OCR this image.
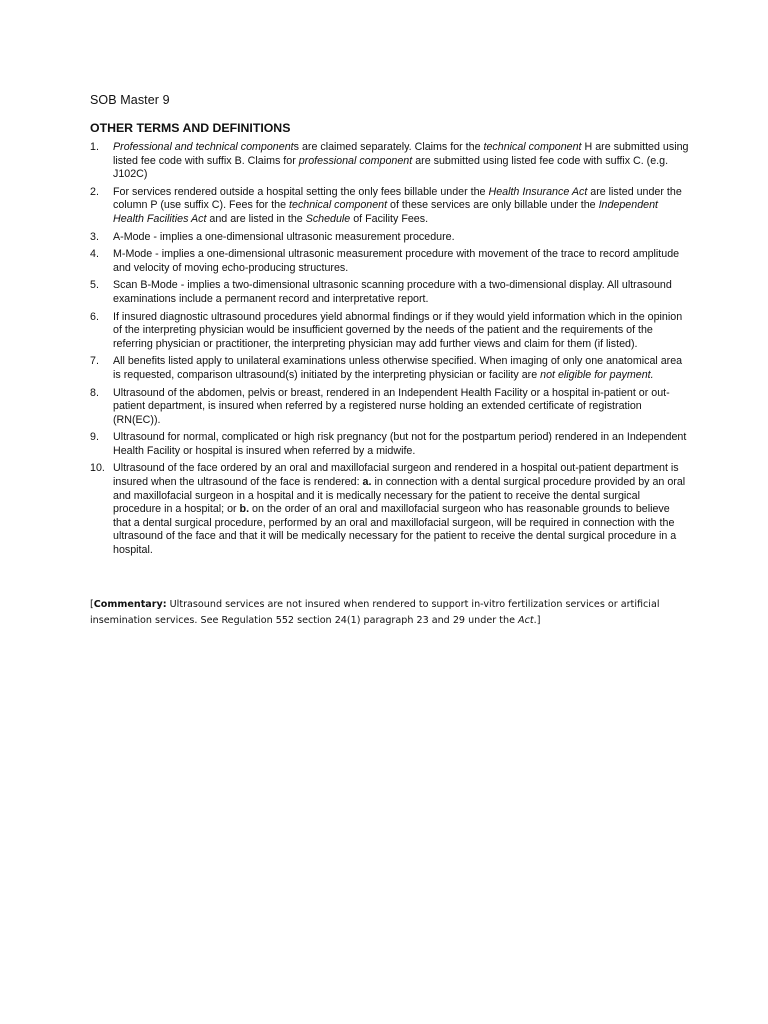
SOB Master 9
OTHER TERMS AND DEFINITIONS
1. Professional and technical components are claimed separately. Claims for the technical component H are submitted using listed fee code with suffix B. Claims for professional component are submitted using listed fee code with suffix C. (e.g. J102C)
2. For services rendered outside a hospital setting the only fees billable under the Health Insurance Act are listed under the column P (use suffix C). Fees for the technical component of these services are only billable under the Independent Health Facilities Act and are listed in the Schedule of Facility Fees.
3. A-Mode - implies a one-dimensional ultrasonic measurement procedure.
4. M-Mode - implies a one-dimensional ultrasonic measurement procedure with movement of the trace to record amplitude and velocity of moving echo-producing structures.
5. Scan B-Mode - implies a two-dimensional ultrasonic scanning procedure with a two-dimensional display. All ultrasound examinations include a permanent record and interpretative report.
6. If insured diagnostic ultrasound procedures yield abnormal findings or if they would yield information which in the opinion of the interpreting physician would be insufficient governed by the needs of the patient and the requirements of the referring physician or practitioner, the interpreting physician may add further views and claim for them (if listed).
7. All benefits listed apply to unilateral examinations unless otherwise specified. When imaging of only one anatomical area is requested, comparison ultrasound(s) initiated by the interpreting physician or facility are not eligible for payment.
8. Ultrasound of the abdomen, pelvis or breast, rendered in an Independent Health Facility or a hospital in-patient or out-patient department, is insured when referred by a registered nurse holding an extended certificate of registration (RN(EC)).
9. Ultrasound for normal, complicated or high risk pregnancy (but not for the postpartum period) rendered in an Independent Health Facility or hospital is insured when referred by a midwife.
10. Ultrasound of the face ordered by an oral and maxillofacial surgeon and rendered in a hospital out-patient department is insured when the ultrasound of the face is rendered: a. in connection with a dental surgical procedure provided by an oral and maxillofacial surgeon in a hospital and it is medically necessary for the patient to receive the dental surgical procedure in a hospital; or b. on the order of an oral and maxillofacial surgeon who has reasonable grounds to believe that a dental surgical procedure, performed by an oral and maxillofacial surgeon, will be required in connection with the ultrasound of the face and that it will be medically necessary for the patient to receive the dental surgical procedure in a hospital.
[Commentary: Ultrasound services are not insured when rendered to support in-vitro fertilization services or artificial insemination services. See Regulation 552 section 24(1) paragraph 23 and 29 under the Act.]
